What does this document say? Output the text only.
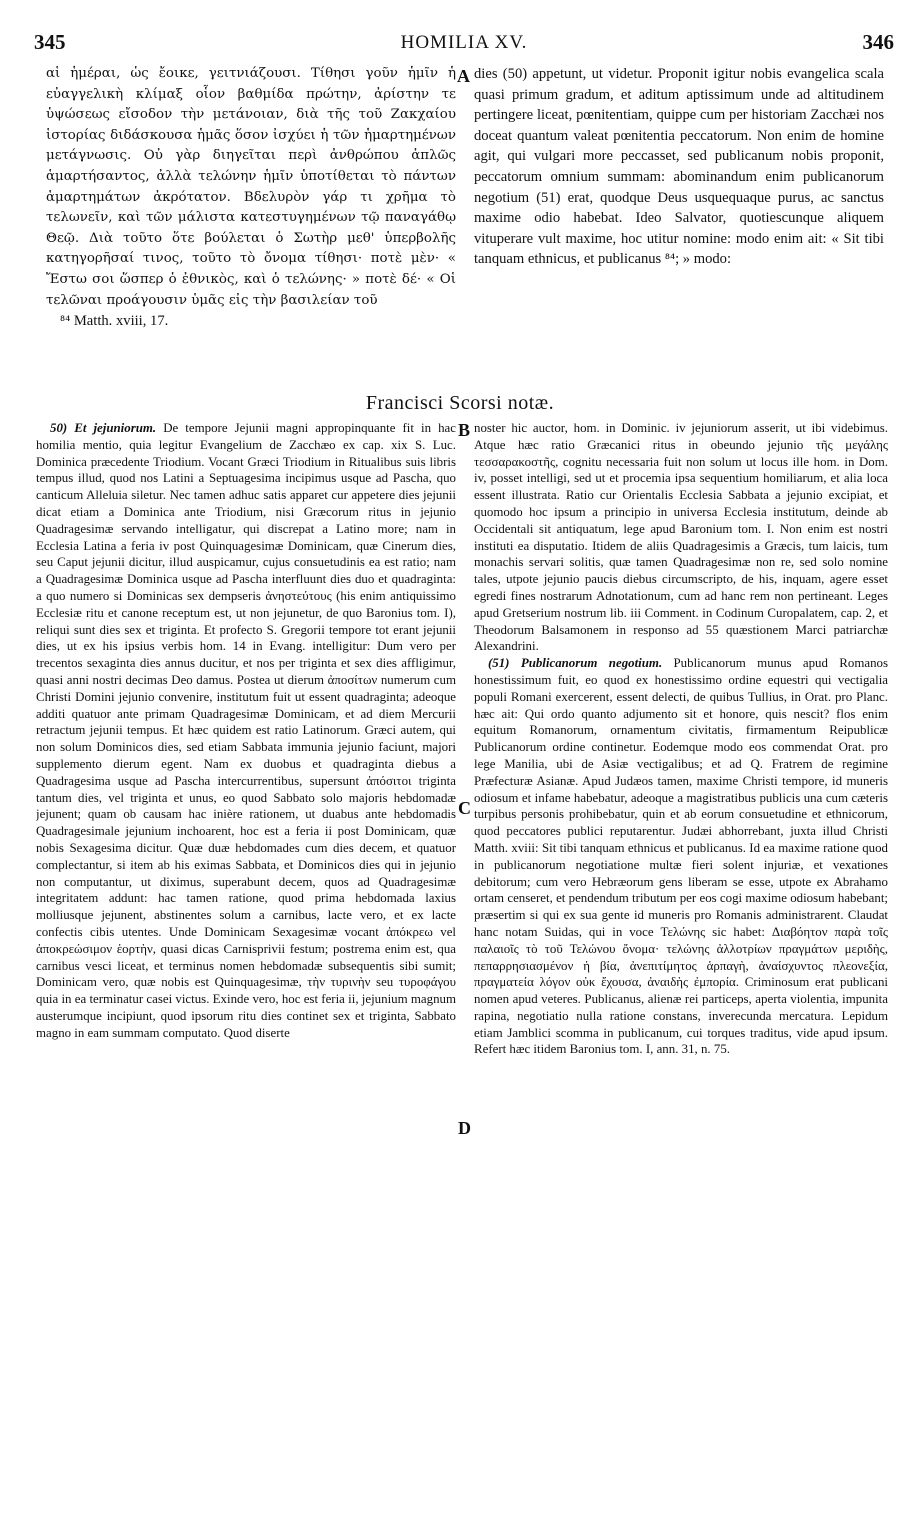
345	HOMILIA XV.	346

αἱ ἡμέραι, ὡς ἔοικε, γειτνιάζουσι. Τίθησι γοῦν ἡμῖν ἡ εὐαγγελικὴ κλίμαξ οἷον βαθμίδα πρώτην, ἀρίστην τε ὑψώσεως εἴσοδον τὴν μετάνοιαν, διὰ τῆς τοῦ Ζακχαίου ἱστορίας διδάσκουσα ἡμᾶς ὅσον ἰσχύει ἡ τῶν ἡμαρτημένων μετάγνωσις. Οὐ γὰρ διηγεῖται περὶ ἀνθρώπου ἁπλῶς ἁμαρτήσαντος, ἀλλὰ τελώνην ἡμῖν ὑποτίθεται τὸ πάντων ἁμαρτημάτων ἀκρότατον. Βδελυρὸν γάρ τι χρῆμα τὸ τελωνεῖν, καὶ τῶν μάλιστα κατεστυγημένων τῷ παναγάθῳ Θεῷ. Διὰ τοῦτο ὅτε βούλεται ὁ Σωτὴρ μεθ' ὑπερβολῆς κατηγορῆσαί τινος, τοῦτο τὸ ὄνομα τίθησι· ποτὲ μὲν· « Ἔστω σοι ὥσπερ ὁ ἐθνικὸς, καὶ ὁ τελώνης· » ποτὲ δέ· « Οἱ τελῶναι προάγουσιν ὑμᾶς εἰς τὴν βασιλείαν τοῦ

⁸⁴ Matth. xviii, 17.

dies (50) appetunt, ut videtur. Proponit igitur nobis evangelica scala quasi primum gradum, et aditum aptissimum unde ad altitudinem pertingere liceat, pœnitentiam, quippe cum per historiam Zacchæi nos doceat quantum valeat pœnitentia peccatorum. Non enim de homine agit, qui vulgari more peccasset, sed publicanum nobis proponit, peccatorum omnium summam: abominandum enim publicanorum negotium (51) erat, quodque Deus usquequaque purus, ac sanctus maxime odio habebat. Ideo Salvator, quotiescunque aliquem vituperare vult maxime, hoc utitur nomine: modo enim ait: « Sit tibi tanquam ethnicus, et publicanus ⁸⁴; » modo:

Francisci Scorsi notæ.
A
B
C
D

50) Et jejuniorum. De tempore Jejunii magni appropinquante fit in hac homilia mentio, quia legitur Evangelium de Zacchæo ex cap. xix S. Luc. Dominica præcedente Triodium. Vocant Græci Triodium in Ritualibus suis libris tempus illud, quod nos Latini a Septuagesima incipimus usque ad Pascha, quo canticum Alleluia siletur. Nec tamen adhuc satis apparet cur appetere dies jejunii dicat etiam a Dominica ante Triodium, nisi Græcorum ritus in jejunio Quadragesimæ servando intelligatur, qui discrepat a Latino more; nam in Ecclesia Latina a feria iv post Quinquagesimæ Dominicam, quæ Cinerum dies, seu Caput jejunii dicitur, illud auspicamur, cujus consuetudinis ea est ratio; nam a Quadragesimæ Dominica usque ad Pascha interfluunt dies duo et quadraginta: a quo numero si Dominicas sex dempseris ἀνηστεύτους (his enim antiquissimo Ecclesiæ ritu et canone receptum est, ut non jejunetur, de quo Baronius tom. I), reliqui sunt dies sex et triginta. Et profecto S. Gregorii tempore tot erant jejunii dies, ut ex his ipsius verbis hom. 14 in Evang. intelligitur: Dum vero per trecentos sexaginta dies annus ducitur, et nos per triginta et sex dies affligimur, quasi anni nostri decimas Deo damus. Postea ut dierum ἀποσίτων numerum cum Christi Domini jejunio convenire, institutum fuit ut essent quadraginta; adeoque additi quatuor ante primam Quadragesimæ Dominicam, et ad diem Mercurii retractum jejunii tempus. Et hæc quidem est ratio Latinorum. Græci autem, qui non solum Dominicos dies, sed etiam Sabbata immunia jejunio faciunt, majori supplemento dierum egent. Nam ex duobus et quadraginta diebus a Quadragesima usque ad Pascha intercurrentibus, supersunt ἀπόσιτοι triginta tantum dies, vel triginta et unus, eo quod Sabbato solo majoris hebdomadæ jejunent; quam ob causam hac inière rationem, ut duabus ante hebdomadis Quadragesimale jejunium inchoarent, hoc est a feria ii post Dominicam, quæ nobis Sexagesima dicitur. Quæ duæ hebdomades cum dies decem, et quatuor complectantur, si item ab his eximas Sabbata, et Dominicos dies qui in jejunio non computantur, ut diximus, superabunt decem, quos ad Quadragesimæ integritatem addunt: hac tamen ratione, quod prima hebdomada laxius molliusque jejunent, abstinentes solum a carnibus, lacte vero, et ex lacte confectis cibis utentes. Unde Dominicam Sexagesimæ vocant ἀπόκρεω vel ἀποκρεώσιμον ἑορτὴν, quasi dicas Carnisprivii festum; postrema enim est, qua carnibus vesci liceat, et terminus nomen hebdomadæ subsequentis sibi sumit; Dominicam vero, quæ nobis est Quinquagesimæ, τὴν τυρινὴν seu τυροφάγου quia in ea terminatur casei victus. Exinde vero, hoc est feria ii, jejunium magnum austerumque incipiunt, quod ipsorum ritu dies continet sex et triginta, Sabbato magno in eam summam computato. Quod diserte

noster hic auctor, hom. in Dominic. iv jejuniorum asserit, ut ibi videbimus. Atque hæc ratio Græcanici ritus in obeundo jejunio τῆς μεγάλης τεσσαρακοστῆς, cognitu necessaria fuit non solum ut locus ille hom. in Dom. iv, posset intelligi, sed ut et procemia ipsa sequentium homiliarum, et alia loca essent illustrata. Ratio cur Orientalis Ecclesia Sabbata a jejunio excipiat, et quomodo hoc ipsum a principio in universa Ecclesia institutum, deinde ab Occidentali sit antiquatum, lege apud Baronium tom. I. Non enim est nostri instituti ea disputatio. Itidem de aliis Quadragesimis a Græcis, tum laicis, tum monachis servari solitis, quæ tamen Quadragesimæ non re, sed solo nomine tales, utpote jejunio paucis diebus circumscripto, de his, inquam, agere esset egredi fines nostrarum Adnotationum, cum ad hanc rem non pertineant. Leges apud Gretserium nostrum lib. iii Comment. in Codinum Curopalatem, cap. 2, et Theodorum Balsamonem in responso ad 55 quæstionem Marci patriarchæ Alexandrini.

(51) Publicanorum negotium. Publicanorum munus apud Romanos honestissimum fuit, eo quod ex honestissimo ordine equestri qui vectigalia populi Romani exercerent, essent delecti, de quibus Tullius, in Orat. pro Planc. hæc ait: Qui ordo quanto adjumento sit et honore, quis nescit? flos enim equitum Romanorum, ornamentum civitatis, firmamentum Reipublicæ Publicanorum ordine continetur. Eodemque modo eos commendat Orat. pro lege Manilia, ubi de Asiæ vectigalibus; et ad Q. Fratrem de regimine Præfecturæ Asianæ. Apud Judæos tamen, maxime Christi tempore, id muneris odiosum et infame habebatur, adeoque a magistratibus publicis una cum cæteris turpibus personis prohibebatur, quin et ab eorum consuetudine et ethnicorum, quod peccatores publici reputarentur. Judæi abhorrebant, juxta illud Christi Matth. xviii: Sit tibi tanquam ethnicus et publicanus. Id ea maxime ratione quod in publicanorum negotiatione multæ fieri solent injuriæ, et vexationes debitorum; cum vero Hebræorum gens liberam se esse, utpote ex Abrahamo ortam censeret, et pendendum tributum per eos cogi maxime odiosum habebant; præsertim si qui ex sua gente id muneris pro Romanis administrarent. Claudat hanc notam Suidas, qui in voce Τελώνης sic habet: Διαβόητον παρὰ τοῖς παλαιοῖς τὸ τοῦ Τελώνου ὄνομα· τελώνης ἀλλοτρίων πραγμάτων μεριδὴς, πεπαρρησιασμένον ἡ βία, ἀνεπιτίμητος ἁρπαγὴ, ἀναίσχυντος πλεονεξία, πραγματεία λόγον οὐκ ἔχουσα, ἀναιδὴς ἐμπορία. Criminosum erat publicani nomen apud veteres. Publicanus, alienæ rei particeps, aperta violentia, impunita rapina, negotiatio nulla ratione constans, inverecunda mercatura. Lepidum etiam Jamblici scomma in publicanum, cui torques traditus, vide apud ipsum. Refert hæc itidem Baronius tom. I, ann. 31, n. 75.
